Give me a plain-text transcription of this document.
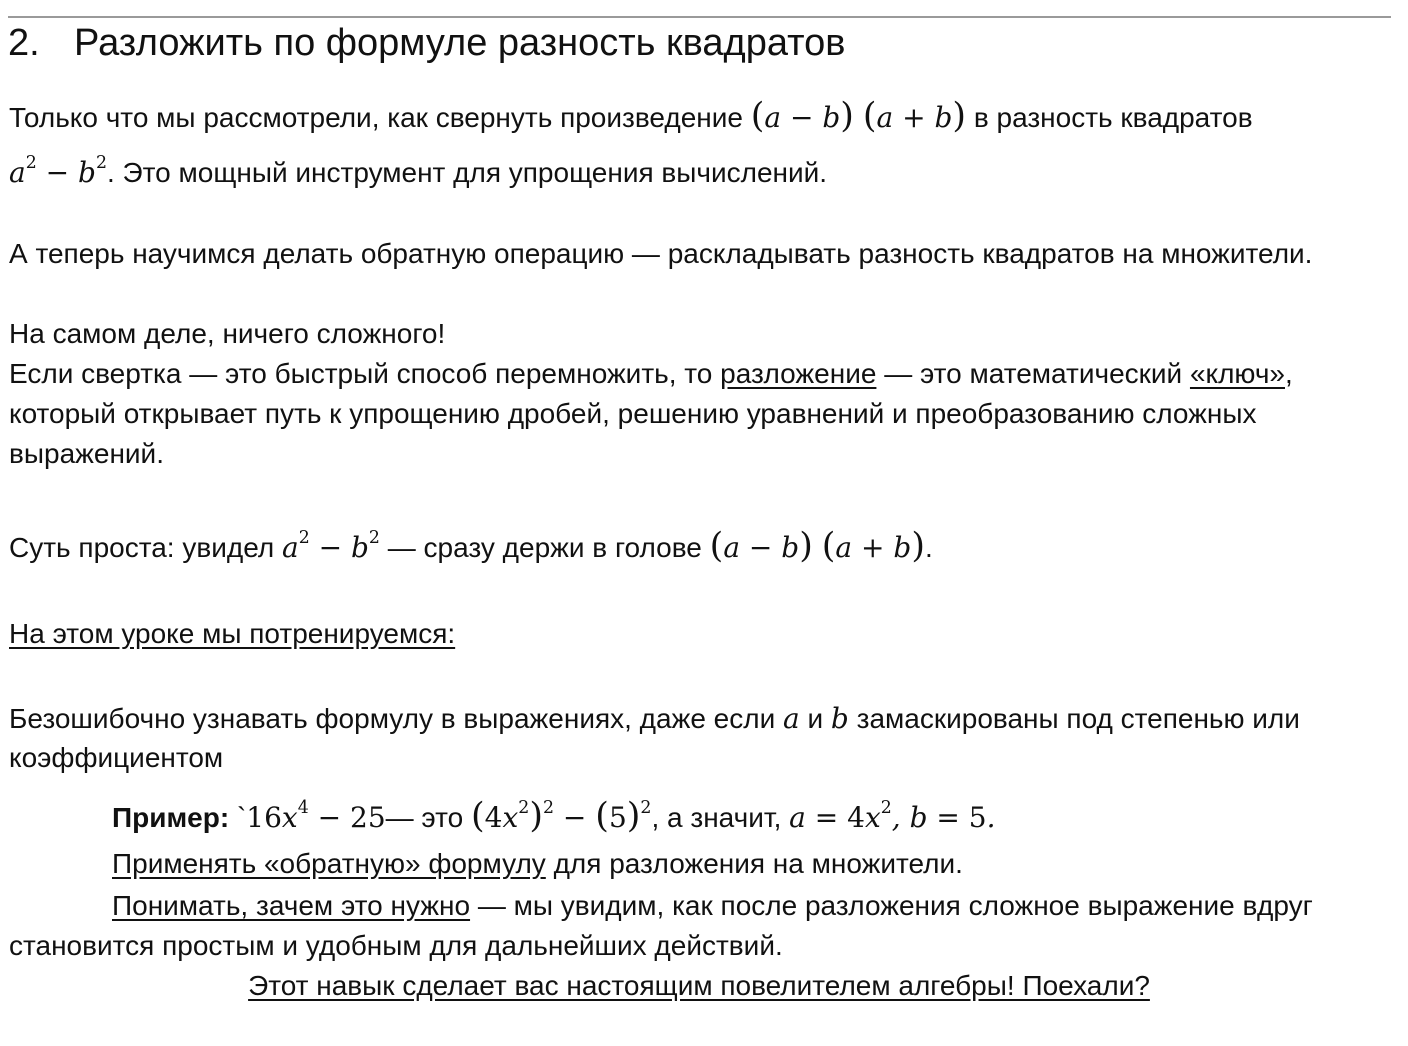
2. Разложить по формуле разность квадратов
Только что мы рассмотрели, как свернуть произведение (a − b) (a + b) в разность квадратов
$a^2 - b^2$. Это мощный инструмент для упрощения вычислений.
А теперь научимся делать обратную операцию — раскладывать разность квадратов на множители.
На самом деле, ничего сложного!
Если свертка — это быстрый способ перемножить, то разложение — это математический «ключ»,
который открывает путь к упрощению дробей, решению уравнений и преобразованию сложных
выражений.
Суть проста: увидел $a^2 - b^2$ — сразу держи в голове (a − b) (a + b).
На этом уроке мы потренируемся:
Безошибочно узнавать формулу в выражениях, даже если a и b замаскированы под степенью или
коэффициентом
Пример: $`16x^4$ − 25— это $(4x^2)^2 - (5)^2$, а значит, $a = 4x^2$, b = 5.
Применять «обратную» формулу для разложения на множители.
Понимать, зачем это нужно — мы увидим, как после разложения сложное выражение вдруг
становится простым и удобным для дальнейших действий.
Этот навык сделает вас настоящим повелителем алгебры! Поехали?
